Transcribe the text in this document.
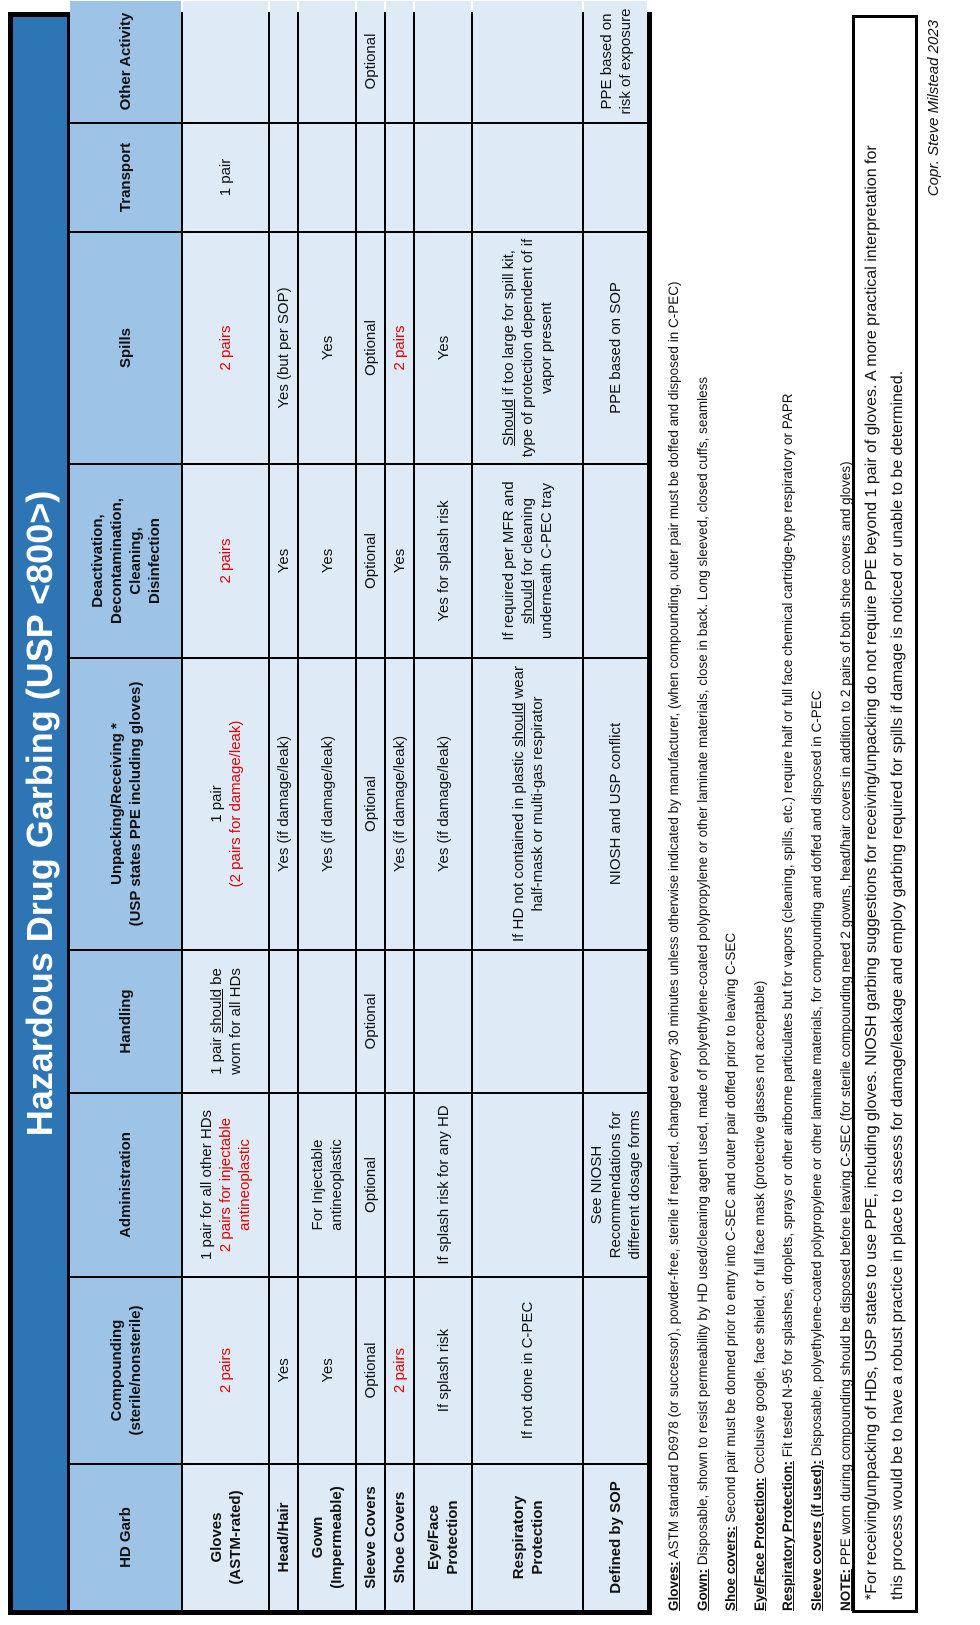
Hazardous Drug Garbing (USP <800>)
HD Garb
Compounding (sterile/nonsterile)
Administration
Handling
Unpacking/Receiving * (USP states PPE including gloves)
Deactivation, Decontamination, Cleaning, Disinfection
Spills
Transport
Other Activity
Gloves (ASTM-rated)
2 pairs
1 pair for all other HDs 2 pairs for injectable antineoplastic
1 pair should be worn for all HDs
1 pair (2 pairs for damage/leak)
2 pairs
2 pairs
1 pair
Head/Hair
Yes
Yes (if damage/leak)
Yes
Yes (but per SOP)
Gown (Impermeable)
Yes
For Injectable antineoplastic
Yes (if damage/leak)
Yes
Yes
Sleeve Covers
Optional
Optional
Optional
Optional
Optional
Optional
Optional
Shoe Covers
2 pairs
Yes (if damage/leak)
Yes
2 pairs
Eye/Face Protection
If splash risk
If splash risk for any HD
Yes (if damage/leak)
Yes for splash risk
Yes
Respiratory Protection
If not done in C-PEC
If HD not contained in plastic should wear half-mask or multi-gas respirator
If required per MFR and should for cleaning underneath C-PEC tray
Should if too large for spill kit, type of protection dependent of if vapor present
Defined by SOP
See NIOSH Recommendations for different dosage forms
NIOSH and USP conflict
PPE based on SOP
PPE based on risk of exposure
Gloves: ASTM standard D6978 (or successor), powder-free, sterile if required, changed every 30 minutes unless otherwise indicated by manufacturer, (when compounding, outer pair must be doffed and disposed in C-PEC)
Gown: Disposable, shown to resist permeability by HD used/cleaning agent used, made of polyethylene-coated polypropylene or other laminate materials, close in back. Long sleeved, closed cuffs, seamless	Shoe covers: Second pair must be donned prior to entry into C-SEC and outer pair doffed prior to leaving C-SEC
Eye/Face Protection: Occlusive google, face shield, or full face mask (protective glasses not acceptable)
Respiratory Protection: Fit tested N-95 for splashes, droplets, sprays or other airborne particulates but for vapors (cleaning, spills, etc.) require half or full face chemical cartridge-type respiratory or PAPR
Sleeve covers (if used): Disposable, polyethylene-coated polypropylene or other laminate materials, for compounding and doffed and disposed in C-PEC
NOTE: PPE worn during compounding should be disposed before leaving C-SEC (for sterile compounding need 2 gowns, head/hair covers in addition to 2 pairs of both shoe covers and gloves) *For receiving/unpacking of HDs, USP states to use PPE, including gloves. NIOSH garbing suggestions for receiving/unpacking do not require PPE beyond 1 pair of gloves. A more practical interpretation for this process would be to have a robust practice in place to assess for damage/leakage and employ garbing required for spills if damage is noticed or unable to be determined.
Copr. Steve Milstead 2023
